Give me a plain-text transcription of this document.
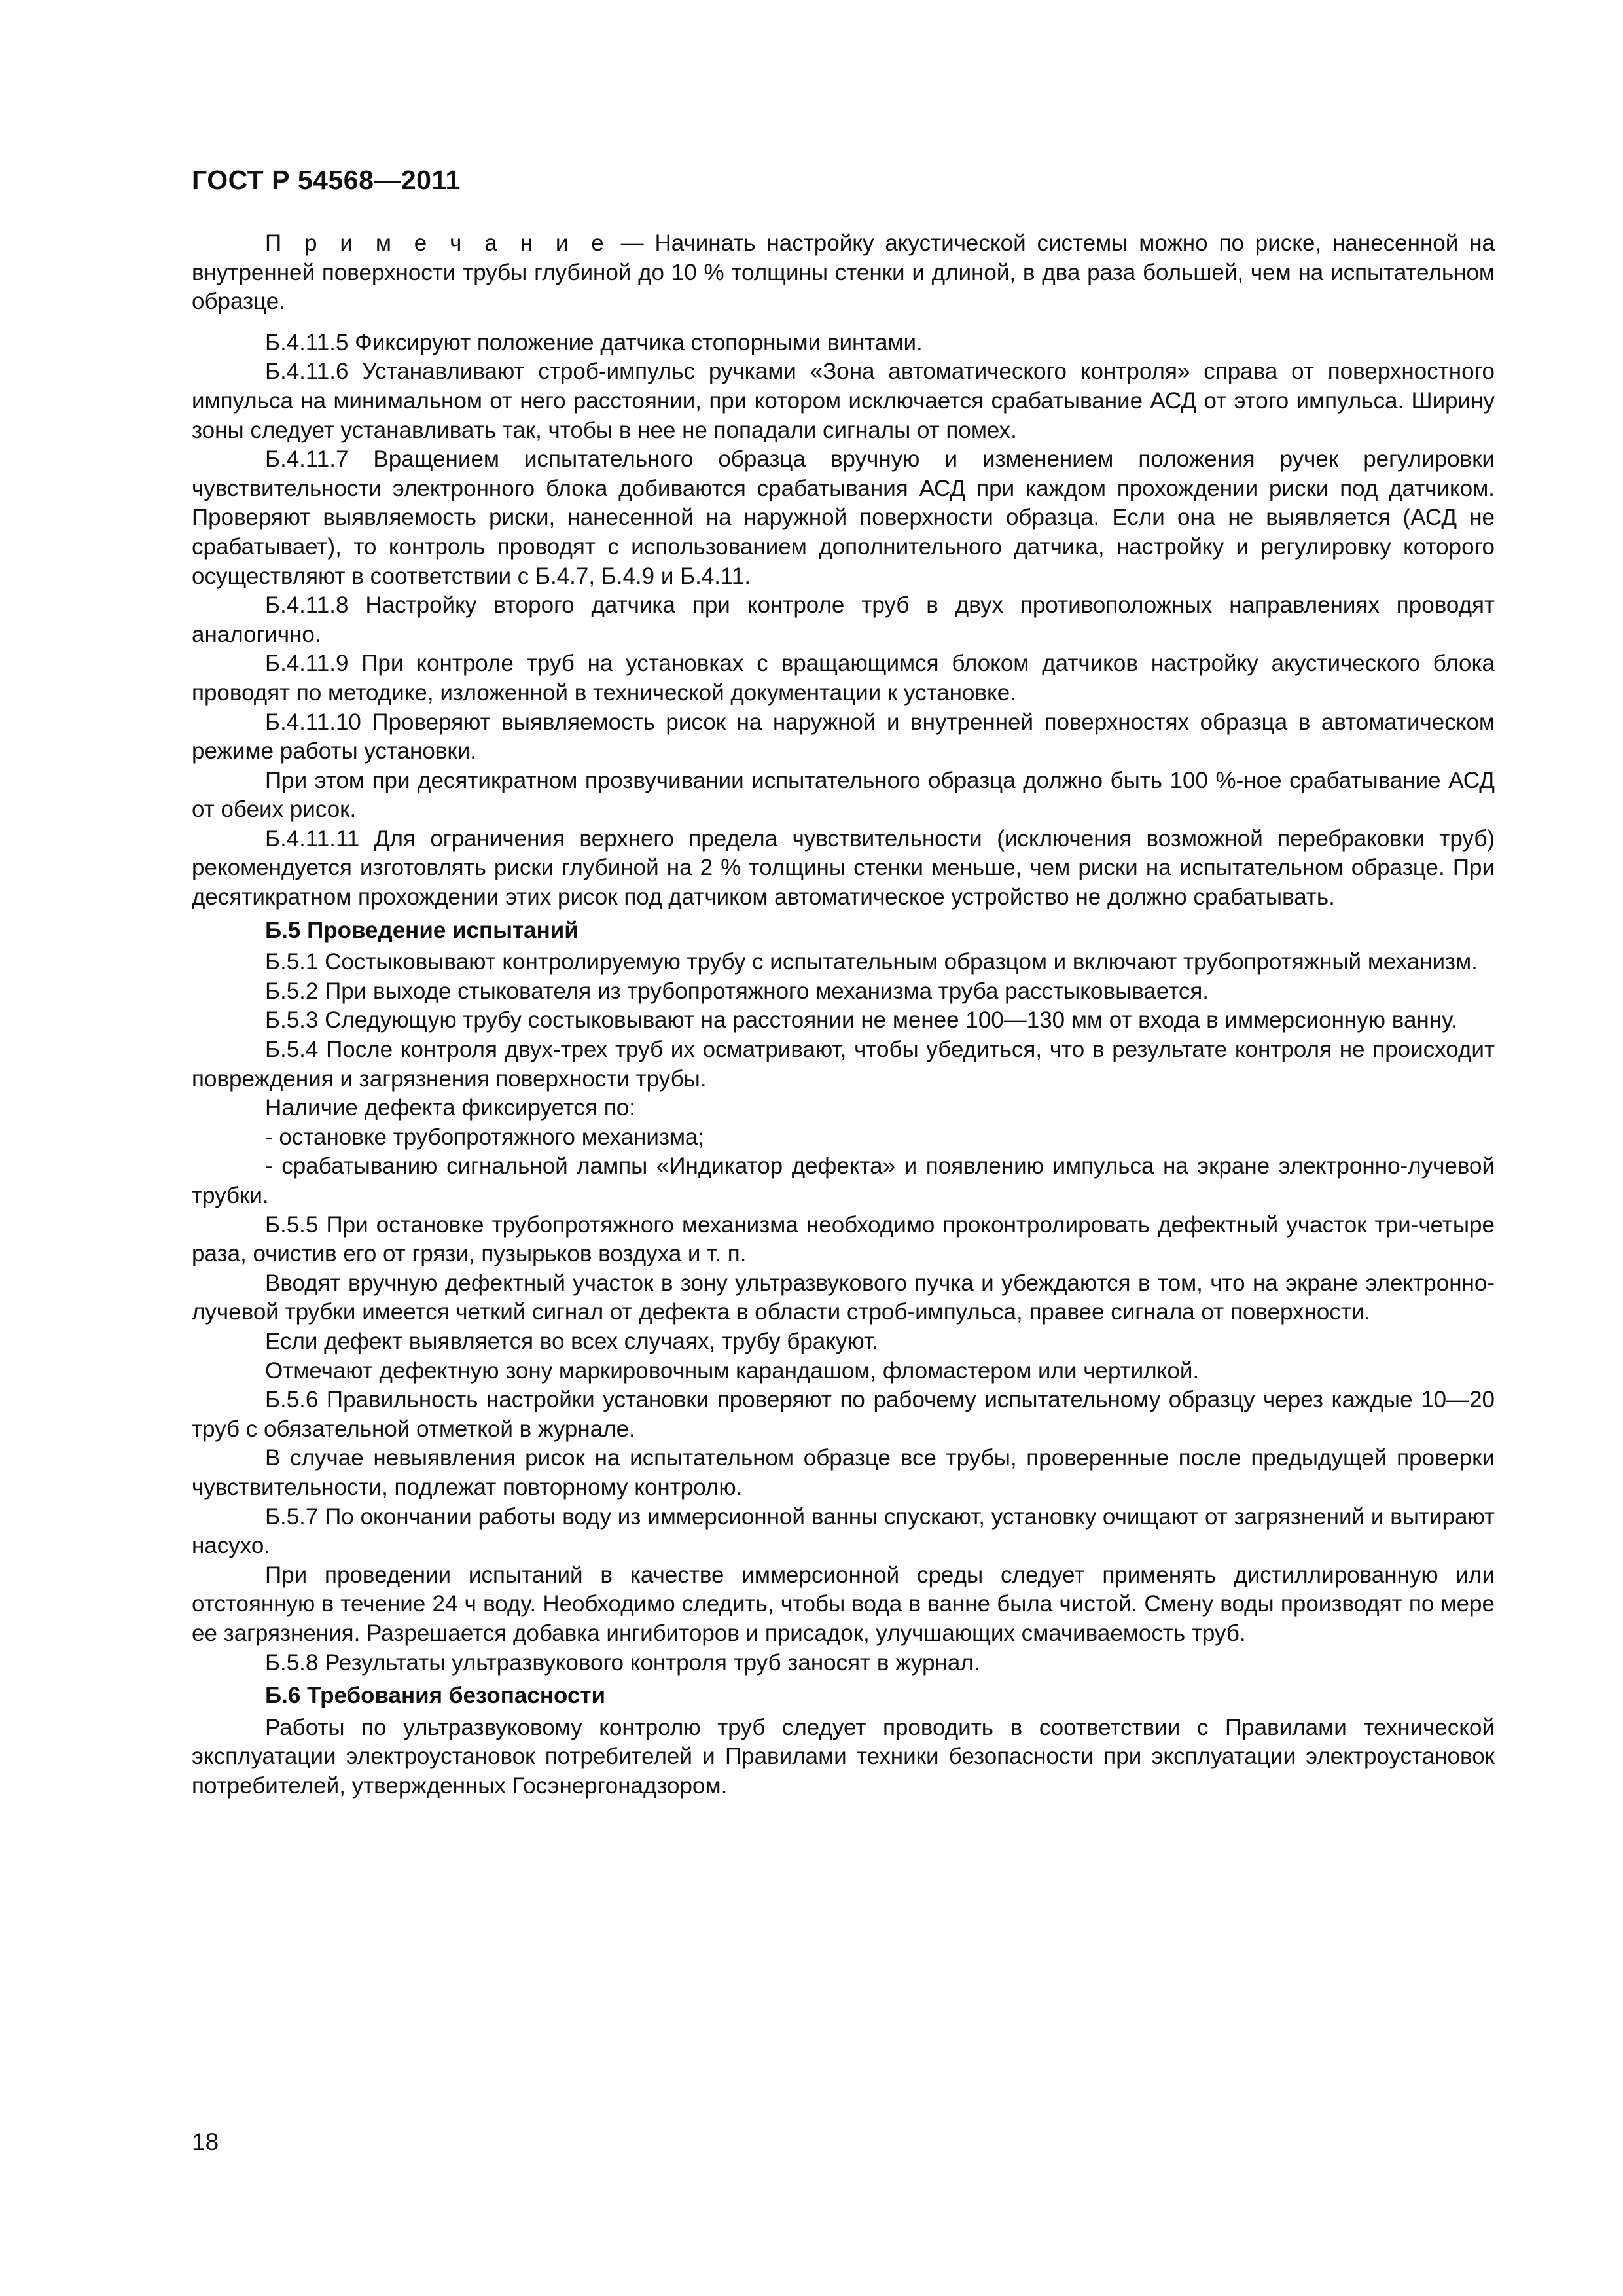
ГОСТ Р 54568—2011

П р и м е ч а н и е — Начинать настройку акустической системы можно по риске, нанесенной на внутренней поверхности трубы глубиной до 10 % толщины стенки и длиной, в два раза большей, чем на испытательном образце.

Б.4.11.5 Фиксируют положение датчика стопорными винтами.

Б.4.11.6 Устанавливают строб-импульс ручками «Зона автоматического контроля» справа от поверхностного импульса на минимальном от него расстоянии, при котором исключается срабатывание АСД от этого импульса. Ширину зоны следует устанавливать так, чтобы в нее не попадали сигналы от помех.

Б.4.11.7 Вращением испытательного образца вручную и изменением положения ручек регулировки чувствительности электронного блока добиваются срабатывания АСД при каждом прохождении риски под датчиком. Проверяют выявляемость риски, нанесенной на наружной поверхности образца. Если она не выявляется (АСД не срабатывает), то контроль проводят с использованием дополнительного датчика, настройку и регулировку которого осуществляют в соответствии с Б.4.7, Б.4.9 и Б.4.11.

Б.4.11.8 Настройку второго датчика при контроле труб в двух противоположных направлениях проводят аналогично.

Б.4.11.9 При контроле труб на установках с вращающимся блоком датчиков настройку акустического блока проводят по методике, изложенной в технической документации к установке.

Б.4.11.10 Проверяют выявляемость рисок на наружной и внутренней поверхностях образца в автоматическом режиме работы установки.

При этом при десятикратном прозвучивании испытательного образца должно быть 100 %-ное срабатывание АСД от обеих рисок.

Б.4.11.11 Для ограничения верхнего предела чувствительности (исключения возможной перебраковки труб) рекомендуется изготовлять риски глубиной на 2 % толщины стенки меньше, чем риски на испытательном образце. При десятикратном прохождении этих рисок под датчиком автоматическое устройство не должно срабатывать.

Б.5 Проведение испытаний

Б.5.1 Состыковывают контролируемую трубу с испытательным образцом и включают трубопротяжный механизм.

Б.5.2 При выходе стыкователя из трубопротяжного механизма труба расстыковывается.

Б.5.3 Следующую трубу состыковывают на расстоянии не менее 100—130 мм от входа в иммерсионную ванну.

Б.5.4 После контроля двух-трех труб их осматривают, чтобы убедиться, что в результате контроля не происходит повреждения и загрязнения поверхности трубы.

Наличие дефекта фиксируется по:

- остановке трубопротяжного механизма;

- срабатыванию сигнальной лампы «Индикатор дефекта» и появлению импульса на экране электронно-лучевой трубки.

Б.5.5 При остановке трубопротяжного механизма необходимо проконтролировать дефектный участок три-четыре раза, очистив его от грязи, пузырьков воздуха и т. п.

Вводят вручную дефектный участок в зону ультразвукового пучка и убеждаются в том, что на экране электронно-лучевой трубки имеется четкий сигнал от дефекта в области строб-импульса, правее сигнала от поверхности.

Если дефект выявляется во всех случаях, трубу бракуют.

Отмечают дефектную зону маркировочным карандашом, фломастером или чертилкой.

Б.5.6 Правильность настройки установки проверяют по рабочему испытательному образцу через каждые 10—20 труб с обязательной отметкой в журнале.

В случае невыявления рисок на испытательном образце все трубы, проверенные после предыдущей проверки чувствительности, подлежат повторному контролю.

Б.5.7 По окончании работы воду из иммерсионной ванны спускают, установку очищают от загрязнений и вытирают насухо.

При проведении испытаний в качестве иммерсионной среды следует применять дистиллированную или отстоянную в течение 24 ч воду. Необходимо следить, чтобы вода в ванне была чистой. Смену воды производят по мере ее загрязнения. Разрешается добавка ингибиторов и присадок, улучшающих смачиваемость труб.

Б.5.8 Результаты ультразвукового контроля труб заносят в журнал.

Б.6 Требования безопасности

Работы по ультразвуковому контролю труб следует проводить в соответствии с Правилами технической эксплуатации электроустановок потребителей и Правилами техники безопасности при эксплуатации электроустановок потребителей, утвержденных Госэнергонадзором.

18
